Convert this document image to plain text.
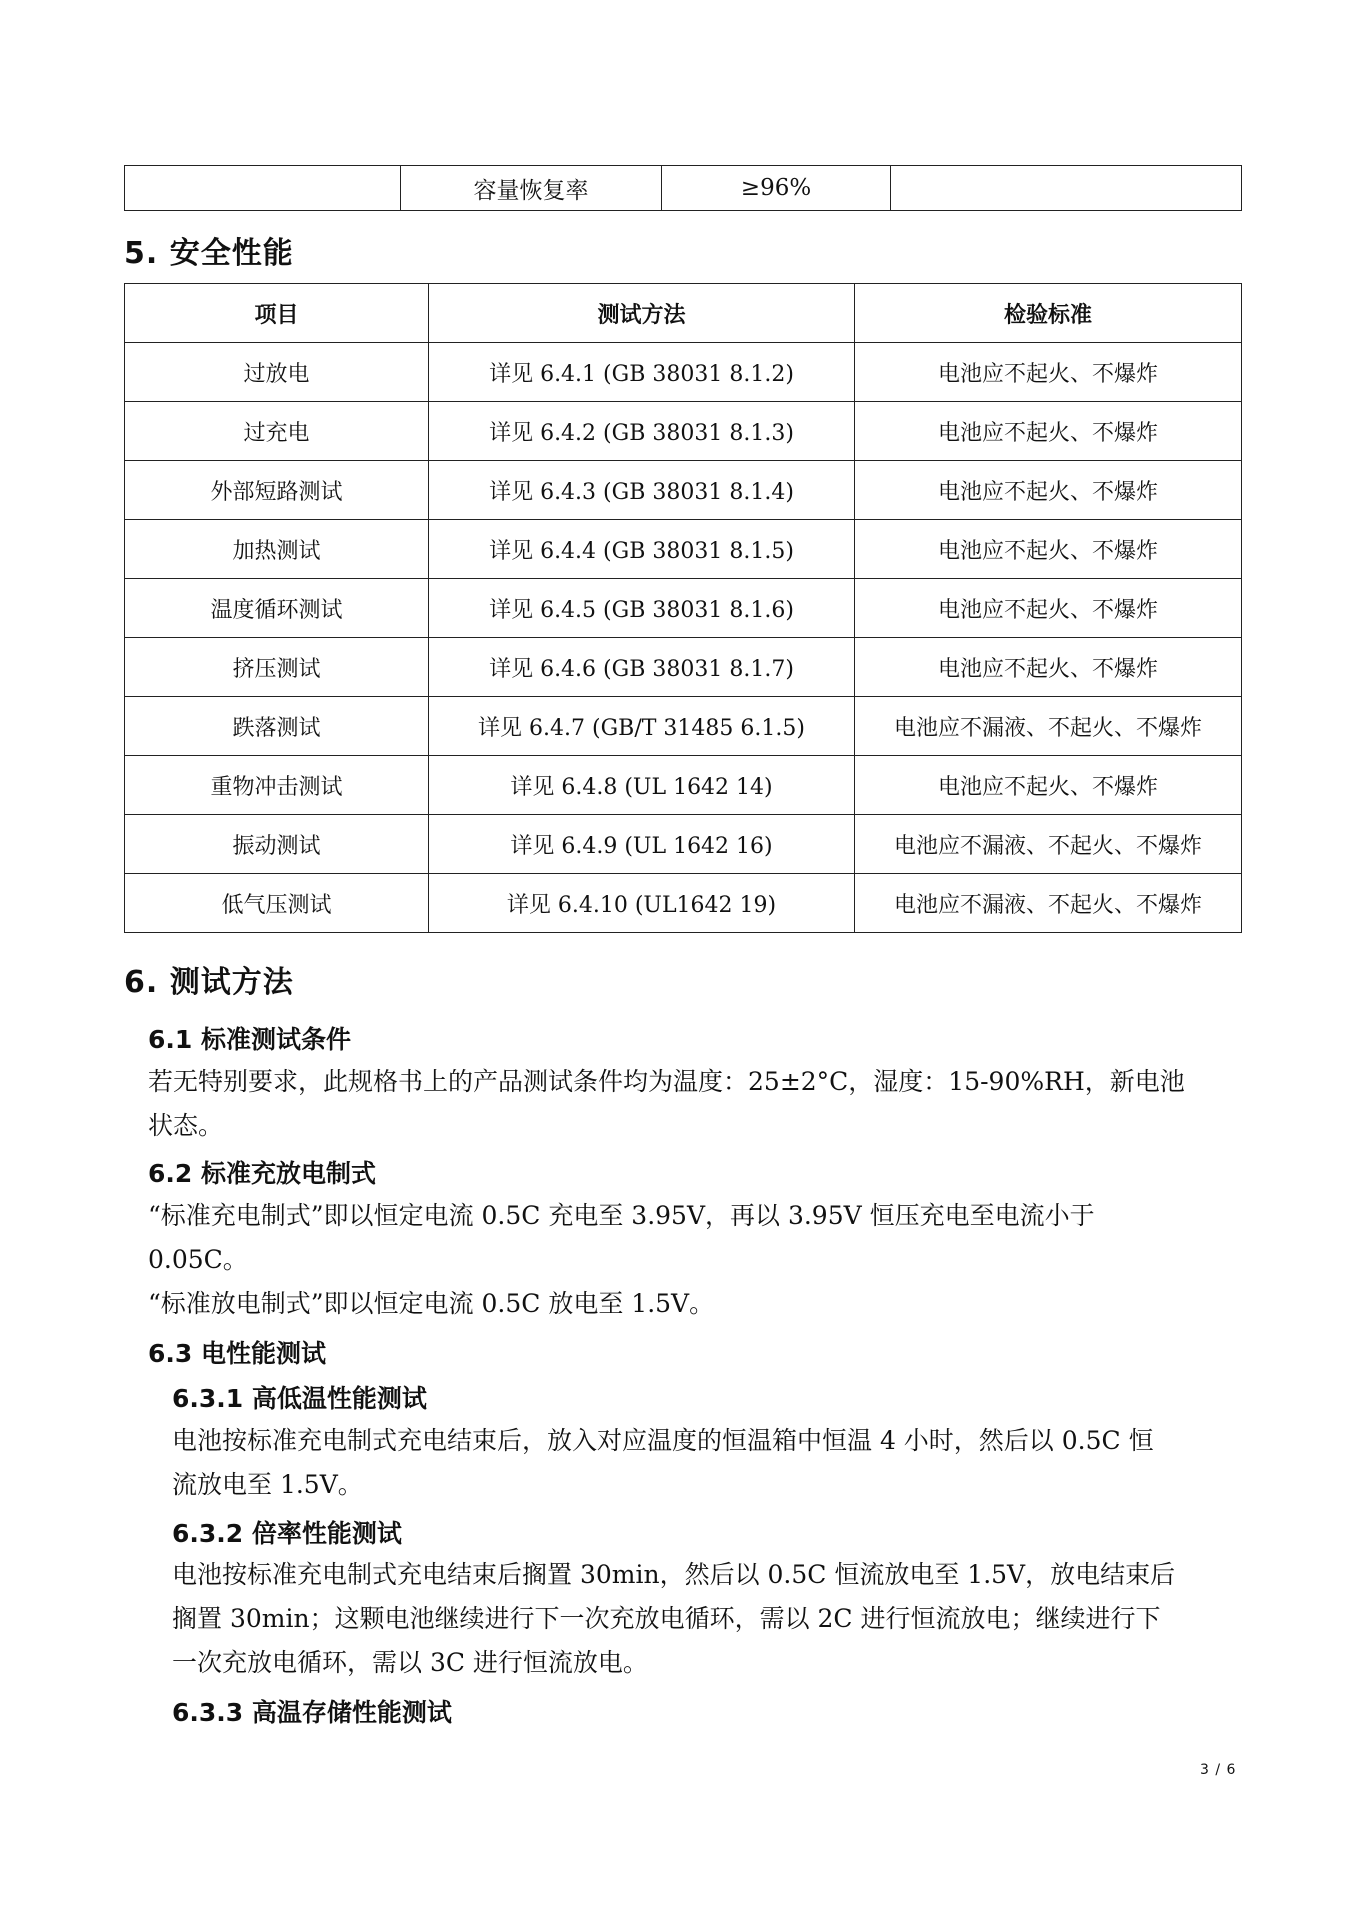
	容量恢复率	≥96%	
5. 安全性能
项目	测试方法	检验标准
过放电	详见 6.4.1 (GB 38031 8.1.2)	电池应不起火、不爆炸
过充电	详见 6.4.2 (GB 38031 8.1.3)	电池应不起火、不爆炸
外部短路测试	详见 6.4.3 (GB 38031 8.1.4)	电池应不起火、不爆炸
加热测试	详见 6.4.4 (GB 38031 8.1.5)	电池应不起火、不爆炸
温度循环测试	详见 6.4.5 (GB 38031 8.1.6)	电池应不起火、不爆炸
挤压测试	详见 6.4.6 (GB 38031 8.1.7)	电池应不起火、不爆炸
跌落测试	详见 6.4.7 (GB/T 31485 6.1.5)	电池应不漏液、不起火、不爆炸
重物冲击测试	详见 6.4.8 (UL 1642 14)	电池应不起火、不爆炸
振动测试	详见 6.4.9 (UL 1642 16)	电池应不漏液、不起火、不爆炸
低气压测试	详见 6.4.10 (UL1642 19)	电池应不漏液、不起火、不爆炸
6. 测试方法
6.1 标准测试条件

若无特别要求，此规格书上的产品测试条件均为温度：25±2°C，湿度：15-90%RH，新电池

状态。

6.2 标准充放电制式

“标准充电制式”即以恒定电流 0.5C 充电至 3.95V，再以 3.95V 恒压充电至电流小于

0.05C。

“标准放电制式”即以恒定电流 0.5C 放电至 1.5V。

6.3 电性能测试
6.3.1 高低温性能测试

电池按标准充电制式充电结束后，放入对应温度的恒温箱中恒温 4 小时，然后以 0.5C 恒

流放电至 1.5V。

6.3.2 倍率性能测试

电池按标准充电制式充电结束后搁置 30min，然后以 0.5C 恒流放电至 1.5V，放电结束后

搁置 30min；这颗电池继续进行下一次充放电循环，需以 2C 进行恒流放电；继续进行下

一次充放电循环，需以 3C 进行恒流放电。

6.3.3 高温存储性能测试
3 / 6
